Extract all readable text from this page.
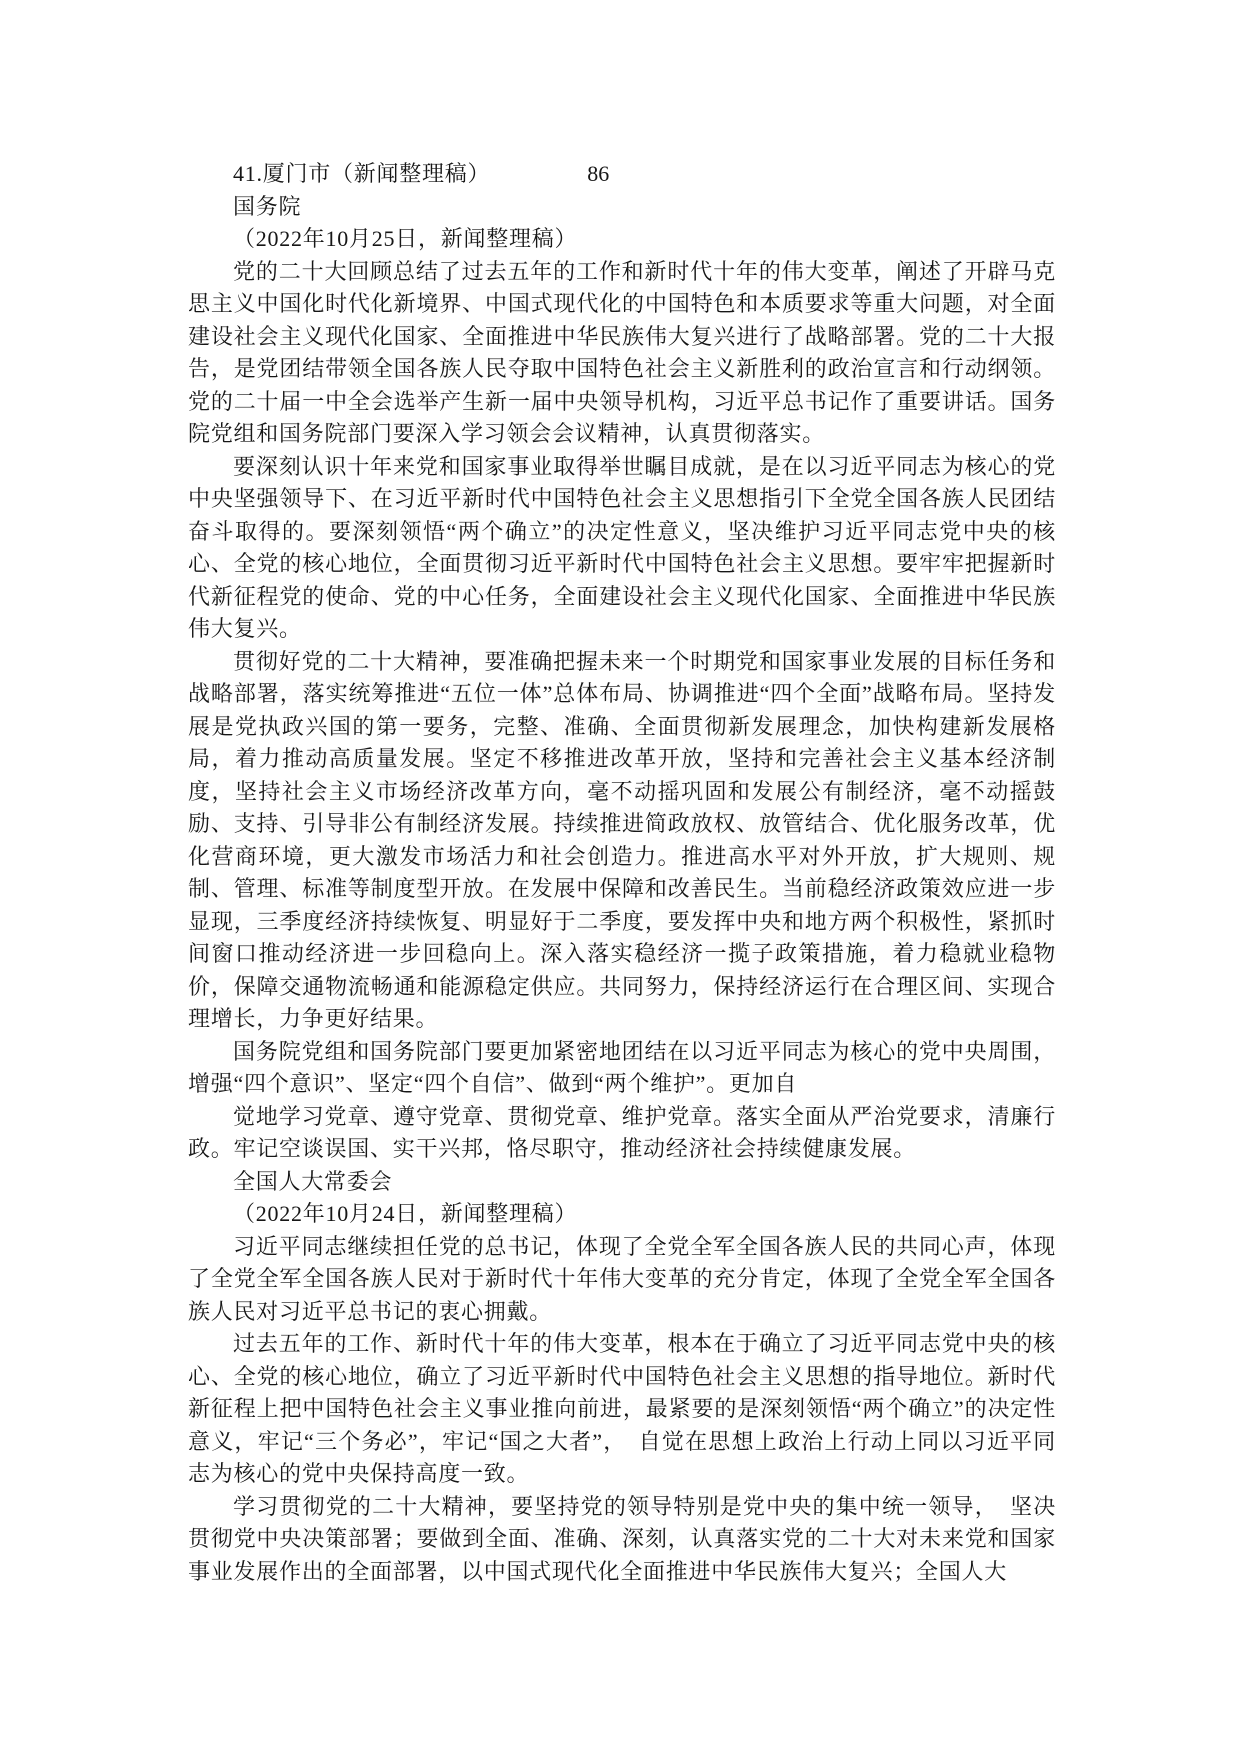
41.厦门市（新闻整理稿）	86

国务院

（2022年10月25日，新闻整理稿）

党的二十大回顾总结了过去五年的工作和新时代十年的伟大变革，阐述了开辟马克思主义中国化时代化新境界、中国式现代化的中国特色和本质要求等重大问题，对全面建设社会主义现代化国家、全面推进中华民族伟大复兴进行了战略部署。党的二十大报告，是党团结带领全国各族人民夺取中国特色社会主义新胜利的政治宣言和行动纲领。党的二十届一中全会选举产生新一届中央领导机构，习近平总书记作了重要讲话。国务院党组和国务院部门要深入学习领会会议精神，认真贯彻落实。

要深刻认识十年来党和国家事业取得举世瞩目成就，是在以习近平同志为核心的党中央坚强领导下、在习近平新时代中国特色社会主义思想指引下全党全国各族人民团结奋斗取得的。要深刻领悟“两个确立”的决定性意义，坚决维护习近平同志党中央的核心、全党的核心地位，全面贯彻习近平新时代中国特色社会主义思想。要牢牢把握新时代新征程党的使命、党的中心任务，全面建设社会主义现代化国家、全面推进中华民族伟大复兴。

贯彻好党的二十大精神，要准确把握未来一个时期党和国家事业发展的目标任务和战略部署，落实统筹推进“五位一体”总体布局、协调推进“四个全面”战略布局。坚持发展是党执政兴国的第一要务，完整、准确、全面贯彻新发展理念，加快构建新发展格局，着力推动高质量发展。坚定不移推进改革开放，坚持和完善社会主义基本经济制度，坚持社会主义市场经济改革方向，毫不动摇巩固和发展公有制经济，毫不动摇鼓励、支持、引导非公有制经济发展。持续推进简政放权、放管结合、优化服务改革，优化营商环境，更大激发市场活力和社会创造力。推进高水平对外开放，扩大规则、规制、管理、标准等制度型开放。在发展中保障和改善民生。当前稳经济政策效应进一步显现，三季度经济持续恢复、明显好于二季度，要发挥中央和地方两个积极性，紧抓时间窗口推动经济进一步回稳向上。深入落实稳经济一揽子政策措施，着力稳就业稳物价，保障交通物流畅通和能源稳定供应。共同努力，保持经济运行在合理区间、实现合理增长，力争更好结果。

国务院党组和国务院部门要更加紧密地团结在以习近平同志为核心的党中央周围，增强“四个意识”、坚定“四个自信”、做到“两个维护”。更加自

觉地学习党章、遵守党章、贯彻党章、维护党章。落实全面从严治党要求，清廉行政。牢记空谈误国、实干兴邦，恪尽职守，推动经济社会持续健康发展。

全国人大常委会

（2022年10月24日，新闻整理稿）

习近平同志继续担任党的总书记，体现了全党全军全国各族人民的共同心声，体现了全党全军全国各族人民对于新时代十年伟大变革的充分肯定，体现了全党全军全国各族人民对习近平总书记的衷心拥戴。

过去五年的工作、新时代十年的伟大变革，根本在于确立了习近平同志党中央的核心、全党的核心地位，确立了习近平新时代中国特色社会主义思想的指导地位。新时代新征程上把中国特色社会主义事业推向前进，最紧要的是深刻领悟“两个确立”的决定性意义，牢记“三个务必”，牢记“国之大者”，　自觉在思想上政治上行动上同以习近平同志为核心的党中央保持高度一致。

学习贯彻党的二十大精神，要坚持党的领导特别是党中央的集中统一领导，　坚决贯彻党中央决策部署；要做到全面、准确、深刻，认真落实党的二十大对未来党和国家事业发展作出的全面部署，以中国式现代化全面推进中华民族伟大复兴；全国人大
